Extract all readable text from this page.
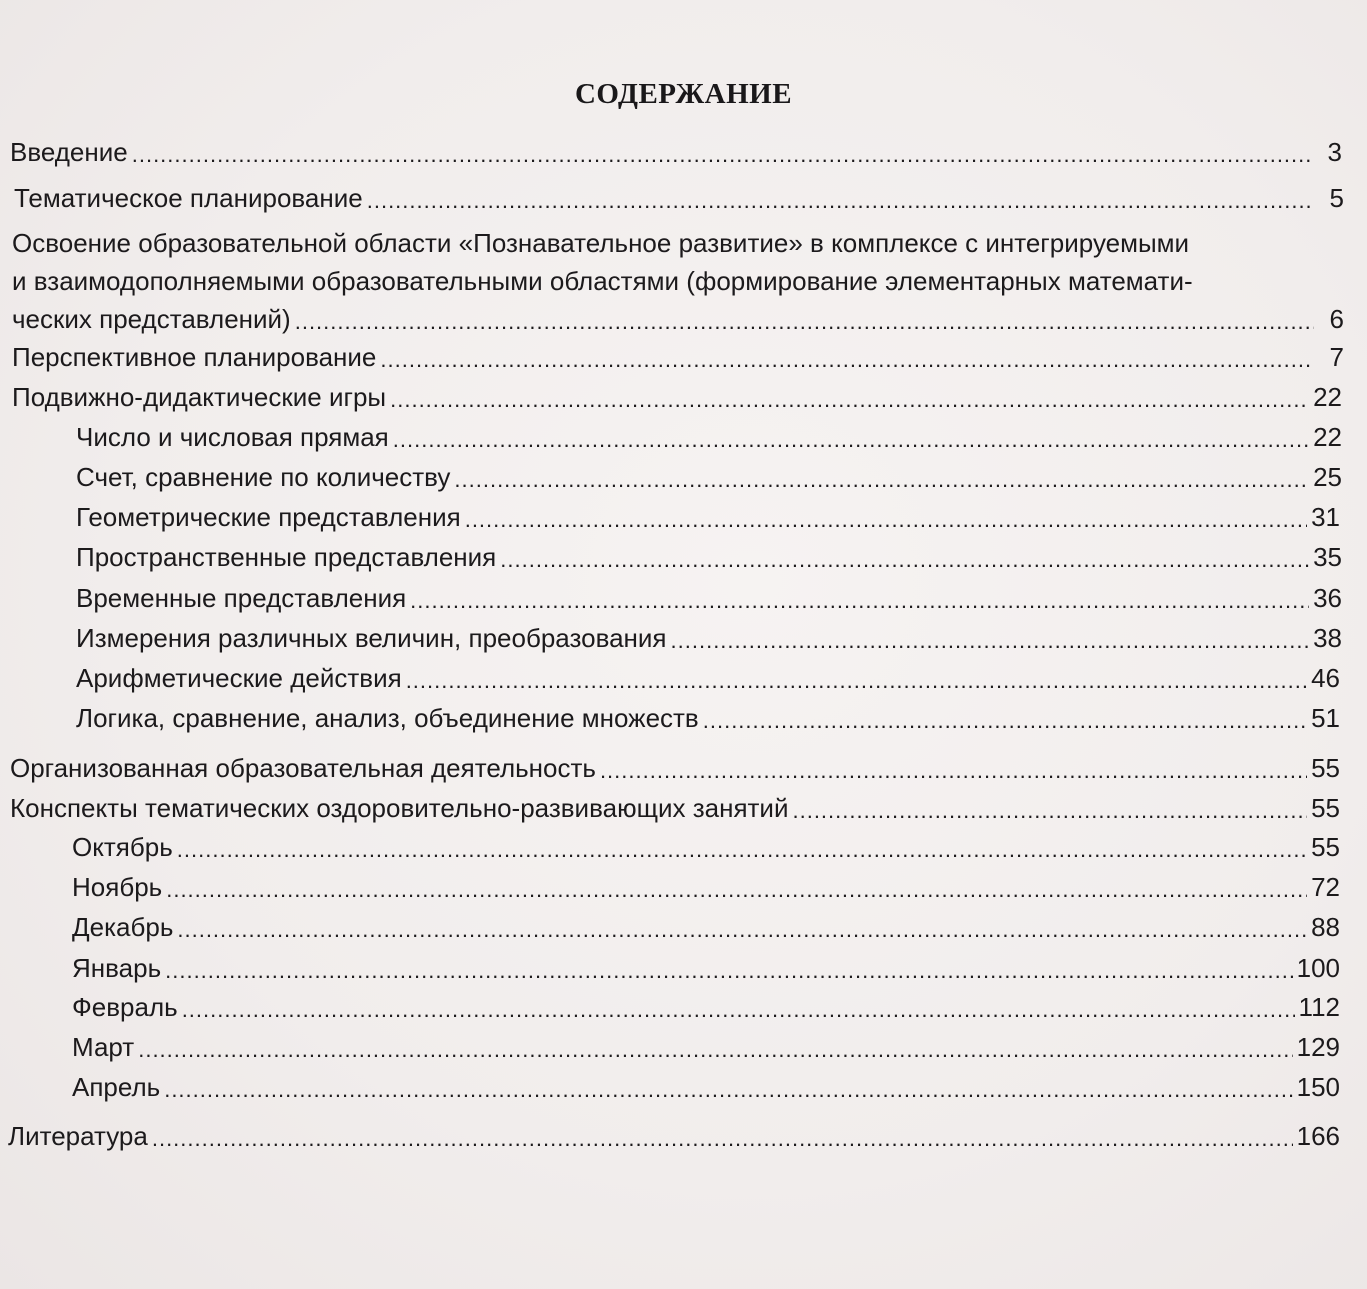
СОДЕРЖАНИЕ
Введение .....	3
Тематическое планирование .....	5
Освоение образовательной области «Познавательное развитие» в комплексе с интегрируемыми
и взаимодополняемыми образовательными областями (формирование элементарных математи-
ческих представлений) .....	6
Перспективное планирование .....	7
Подвижно-дидактические игры .....	22
Число и числовая прямая .....	22
Счет, сравнение по количеству .....	25
Геометрические представления .....	31
Пространственные представления .....	35
Временные представления .....	36
Измерения различных величин, преобразования .....	38
Арифметические действия .....	46
Логика, сравнение, анализ, объединение множеств .....	51
Организованная образовательная деятельность .....	55
Конспекты тематических оздоровительно-развивающих занятий .....	55
Октябрь .....	55
Ноябрь .....	72
Декабрь .....	88
Январь .....	100
Февраль .....	112
Март .....	129
Апрель .....	150
Литература .....	166
